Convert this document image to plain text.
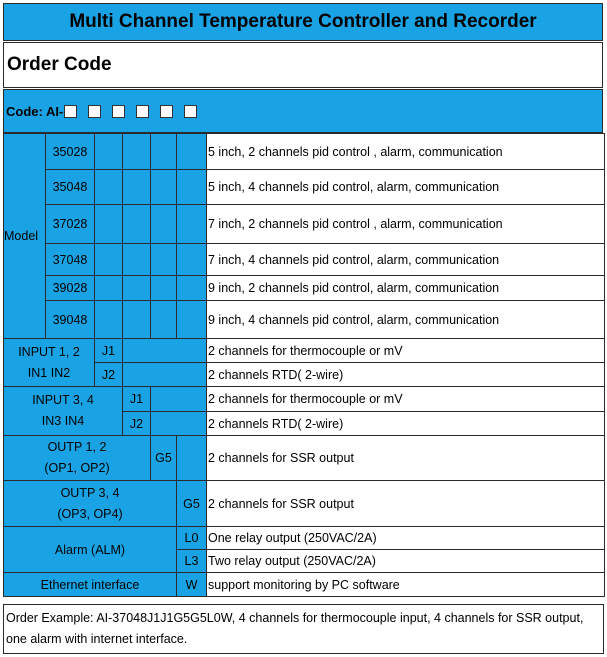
Multi Channel Temperature Controller and Recorder
Order Code
Code: AI-
Model	35028					5 inch, 2 channels pid control , alarm, communication
	35048					5 inch, 4 channels pid control, alarm, communication
	37028					7 inch, 2 channels pid control , alarm, communication
	37048					7 inch, 4 channels pid control, alarm, communication
	39028					9 inch, 2 channels pid control, alarm, communication
	39048					9 inch, 4 channels pid control, alarm, communication
INPUT 1, 2
IN1 IN2		J1				2 channels for thermocouple or mV
		J2				2 channels RTD( 2-wire)
INPUT 3, 4
IN3 IN4			J1			2 channels for thermocouple or mV
			J2			2 channels RTD( 2-wire)
OUTP 1, 2
(OP1, OP2)				G5		2 channels for SSR output
OUTP 3, 4
(OP3, OP4)					G5	2 channels for SSR output
Alarm (ALM)					L0	One relay output (250VAC/2A)
					L3	Two relay output (250VAC/2A)
Ethernet interface					W	support monitoring by PC software
Order Example: AI-37048J1J1G5G5L0W, 4 channels for thermocouple input, 4 channels for SSR output, one alarm with internet interface.
